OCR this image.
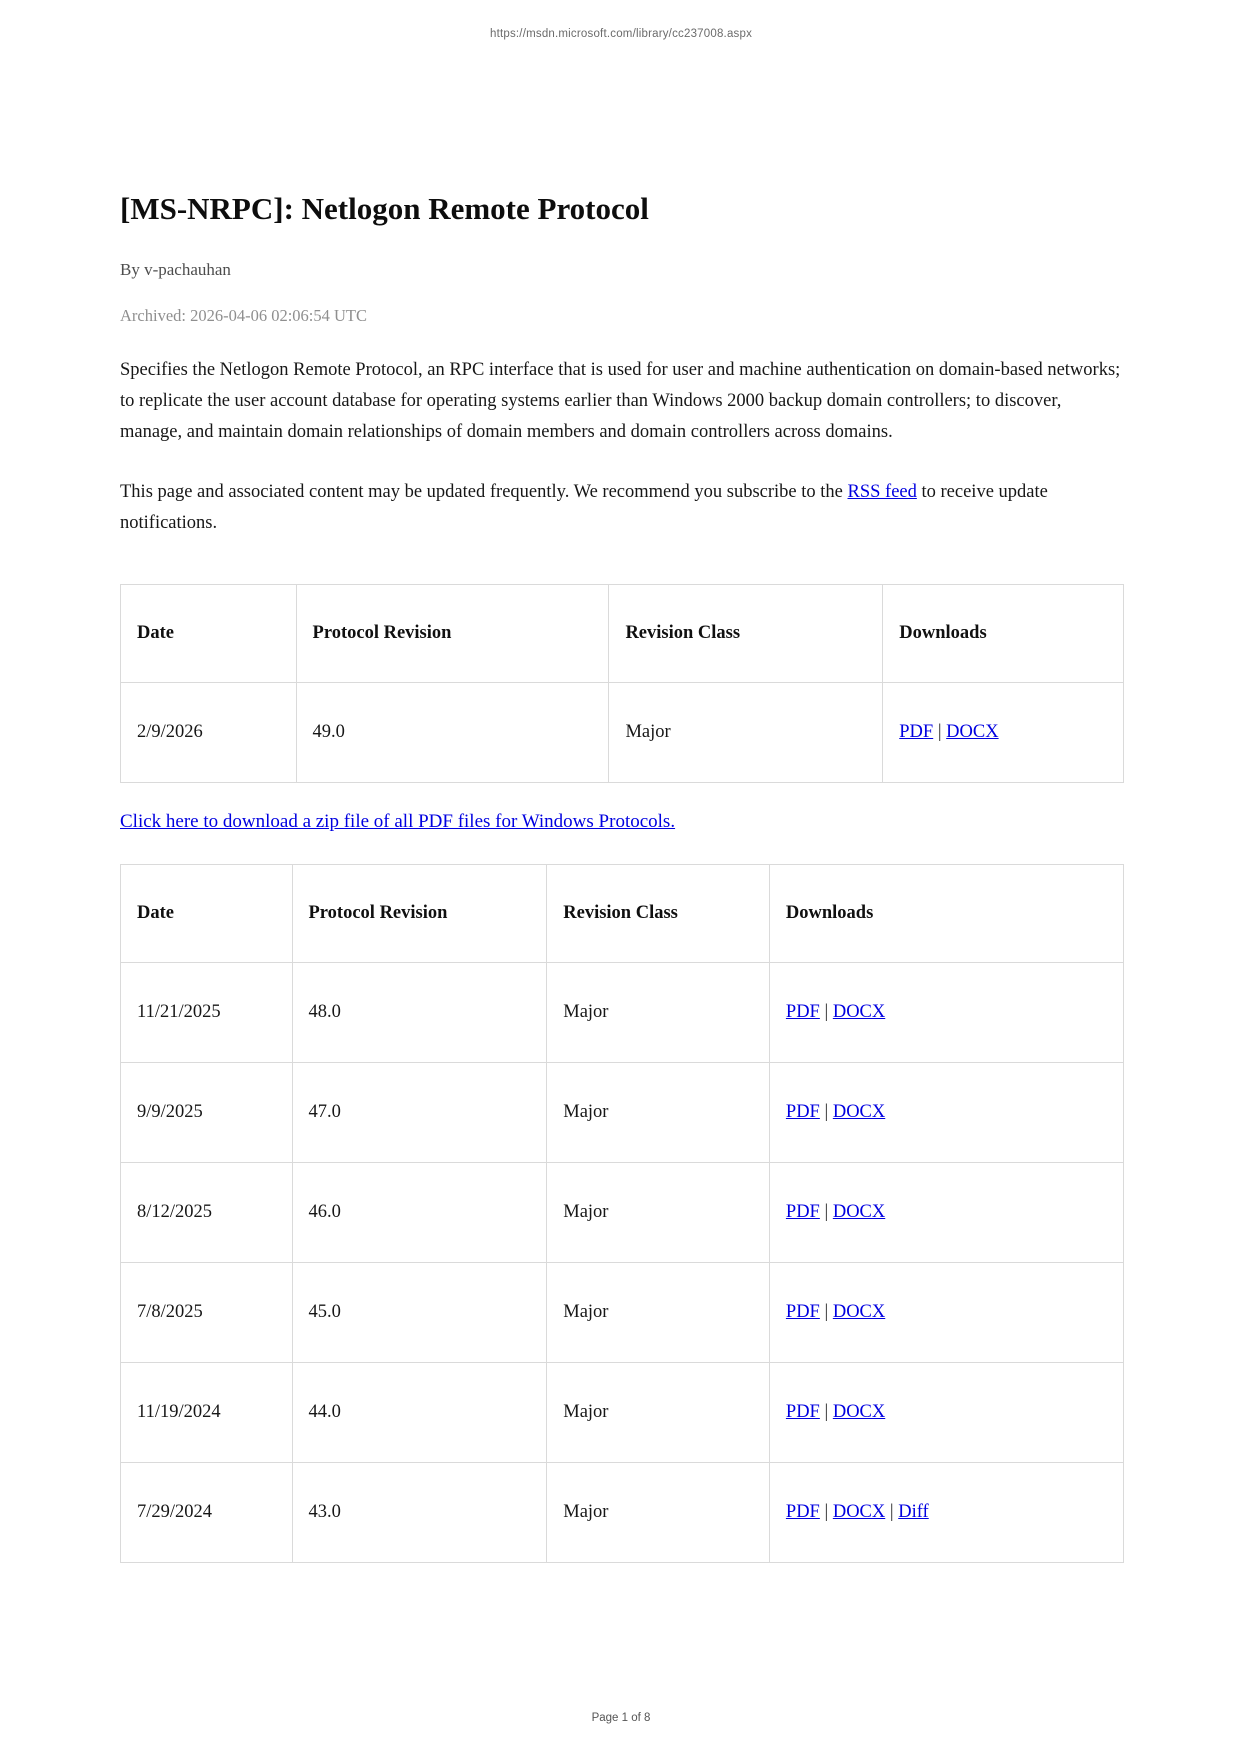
https://msdn.microsoft.com/library/cc237008.aspx
[MS-NRPC]: Netlogon Remote Protocol
By v-pachauhan
Archived: 2026-04-06 02:06:54 UTC

Specifies the Netlogon Remote Protocol, an RPC interface that is used for user and machine authentication on domain-based networks; to replicate the user account database for operating systems earlier than Windows 2000 backup domain controllers; to discover, manage, and maintain domain relationships of domain members and domain controllers across domains.

This page and associated content may be updated frequently. We recommend you subscribe to the RSS feed to receive update notifications.

Date	Protocol Revision	Revision Class	Downloads
2/9/2026	49.0	Major	PDF | DOCX
Click here to download a zip file of all PDF files for Windows Protocols.
Date	Protocol Revision	Revision Class	Downloads
11/21/2025	48.0	Major	PDF | DOCX
9/9/2025	47.0	Major	PDF | DOCX
8/12/2025	46.0	Major	PDF | DOCX
7/8/2025	45.0	Major	PDF | DOCX
11/19/2024	44.0	Major	PDF | DOCX
7/29/2024	43.0	Major	PDF | DOCX | Diff
Page 1 of 8
